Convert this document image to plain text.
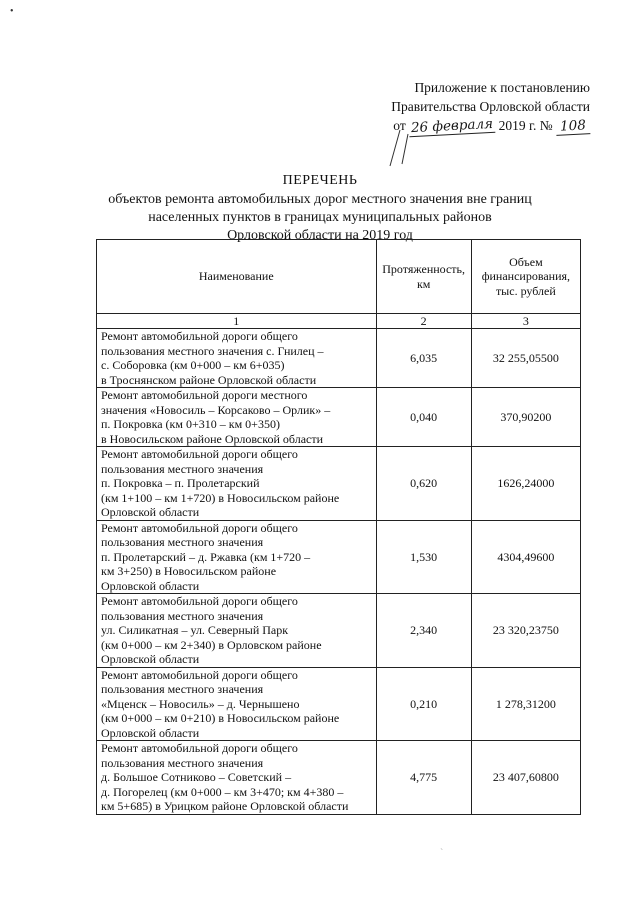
•
Приложение к постановлению
Правительства Орловской области
от 26 февраля 2019 г. № 108
ПЕРЕЧЕНЬ
объектов ремонта автомобильных дорог местного значения вне границ
населенных пунктов в границах муниципальных районов
Орловской области на 2019 год
Наименование	Протяженность, км	Объем финансирования, тыс. рублей
1	2	3

Ремонт автомобильной дороги общего
пользования местного значения с. Гнилец –
с. Соборовка (км 0+000 – км 6+035)
в Троснянском районе Орловской области	6,035	32 255,05500

Ремонт автомобильной дороги местного
значения «Новосиль – Корсаково – Орлик» –
п. Покровка (км 0+310 – км 0+350)
в Новосильском районе Орловской области	0,040	370,90200

Ремонт автомобильной дороги общего
пользования местного значения
п. Покровка – п. Пролетарский
(км 1+100 – км 1+720) в Новосильском районе
Орловской области	0,620	1626,24000

Ремонт автомобильной дороги общего
пользования местного значения
п. Пролетарский – д. Ржавка (км 1+720 –
км 3+250) в Новосильском районе
Орловской области	1,530	4304,49600

Ремонт автомобильной дороги общего
пользования местного значения
ул. Силикатная – ул. Северный Парк
(км 0+000 – км 2+340) в Орловском районе
Орловской области	2,340	23 320,23750

Ремонт автомобильной дороги общего
пользования местного значения
«Мценск – Новосиль» – д. Чернышено
(км 0+000 – км 0+210) в Новосильском районе
Орловской области	0,210	1 278,31200

Ремонт автомобильной дороги общего
пользования местного значения
д. Большое Сотниково – Советский –
д. Погорелец (км 0+000 – км 3+470; км 4+380 –
км 5+685) в Урицком районе Орловской области	4,775	23 407,60800
`
